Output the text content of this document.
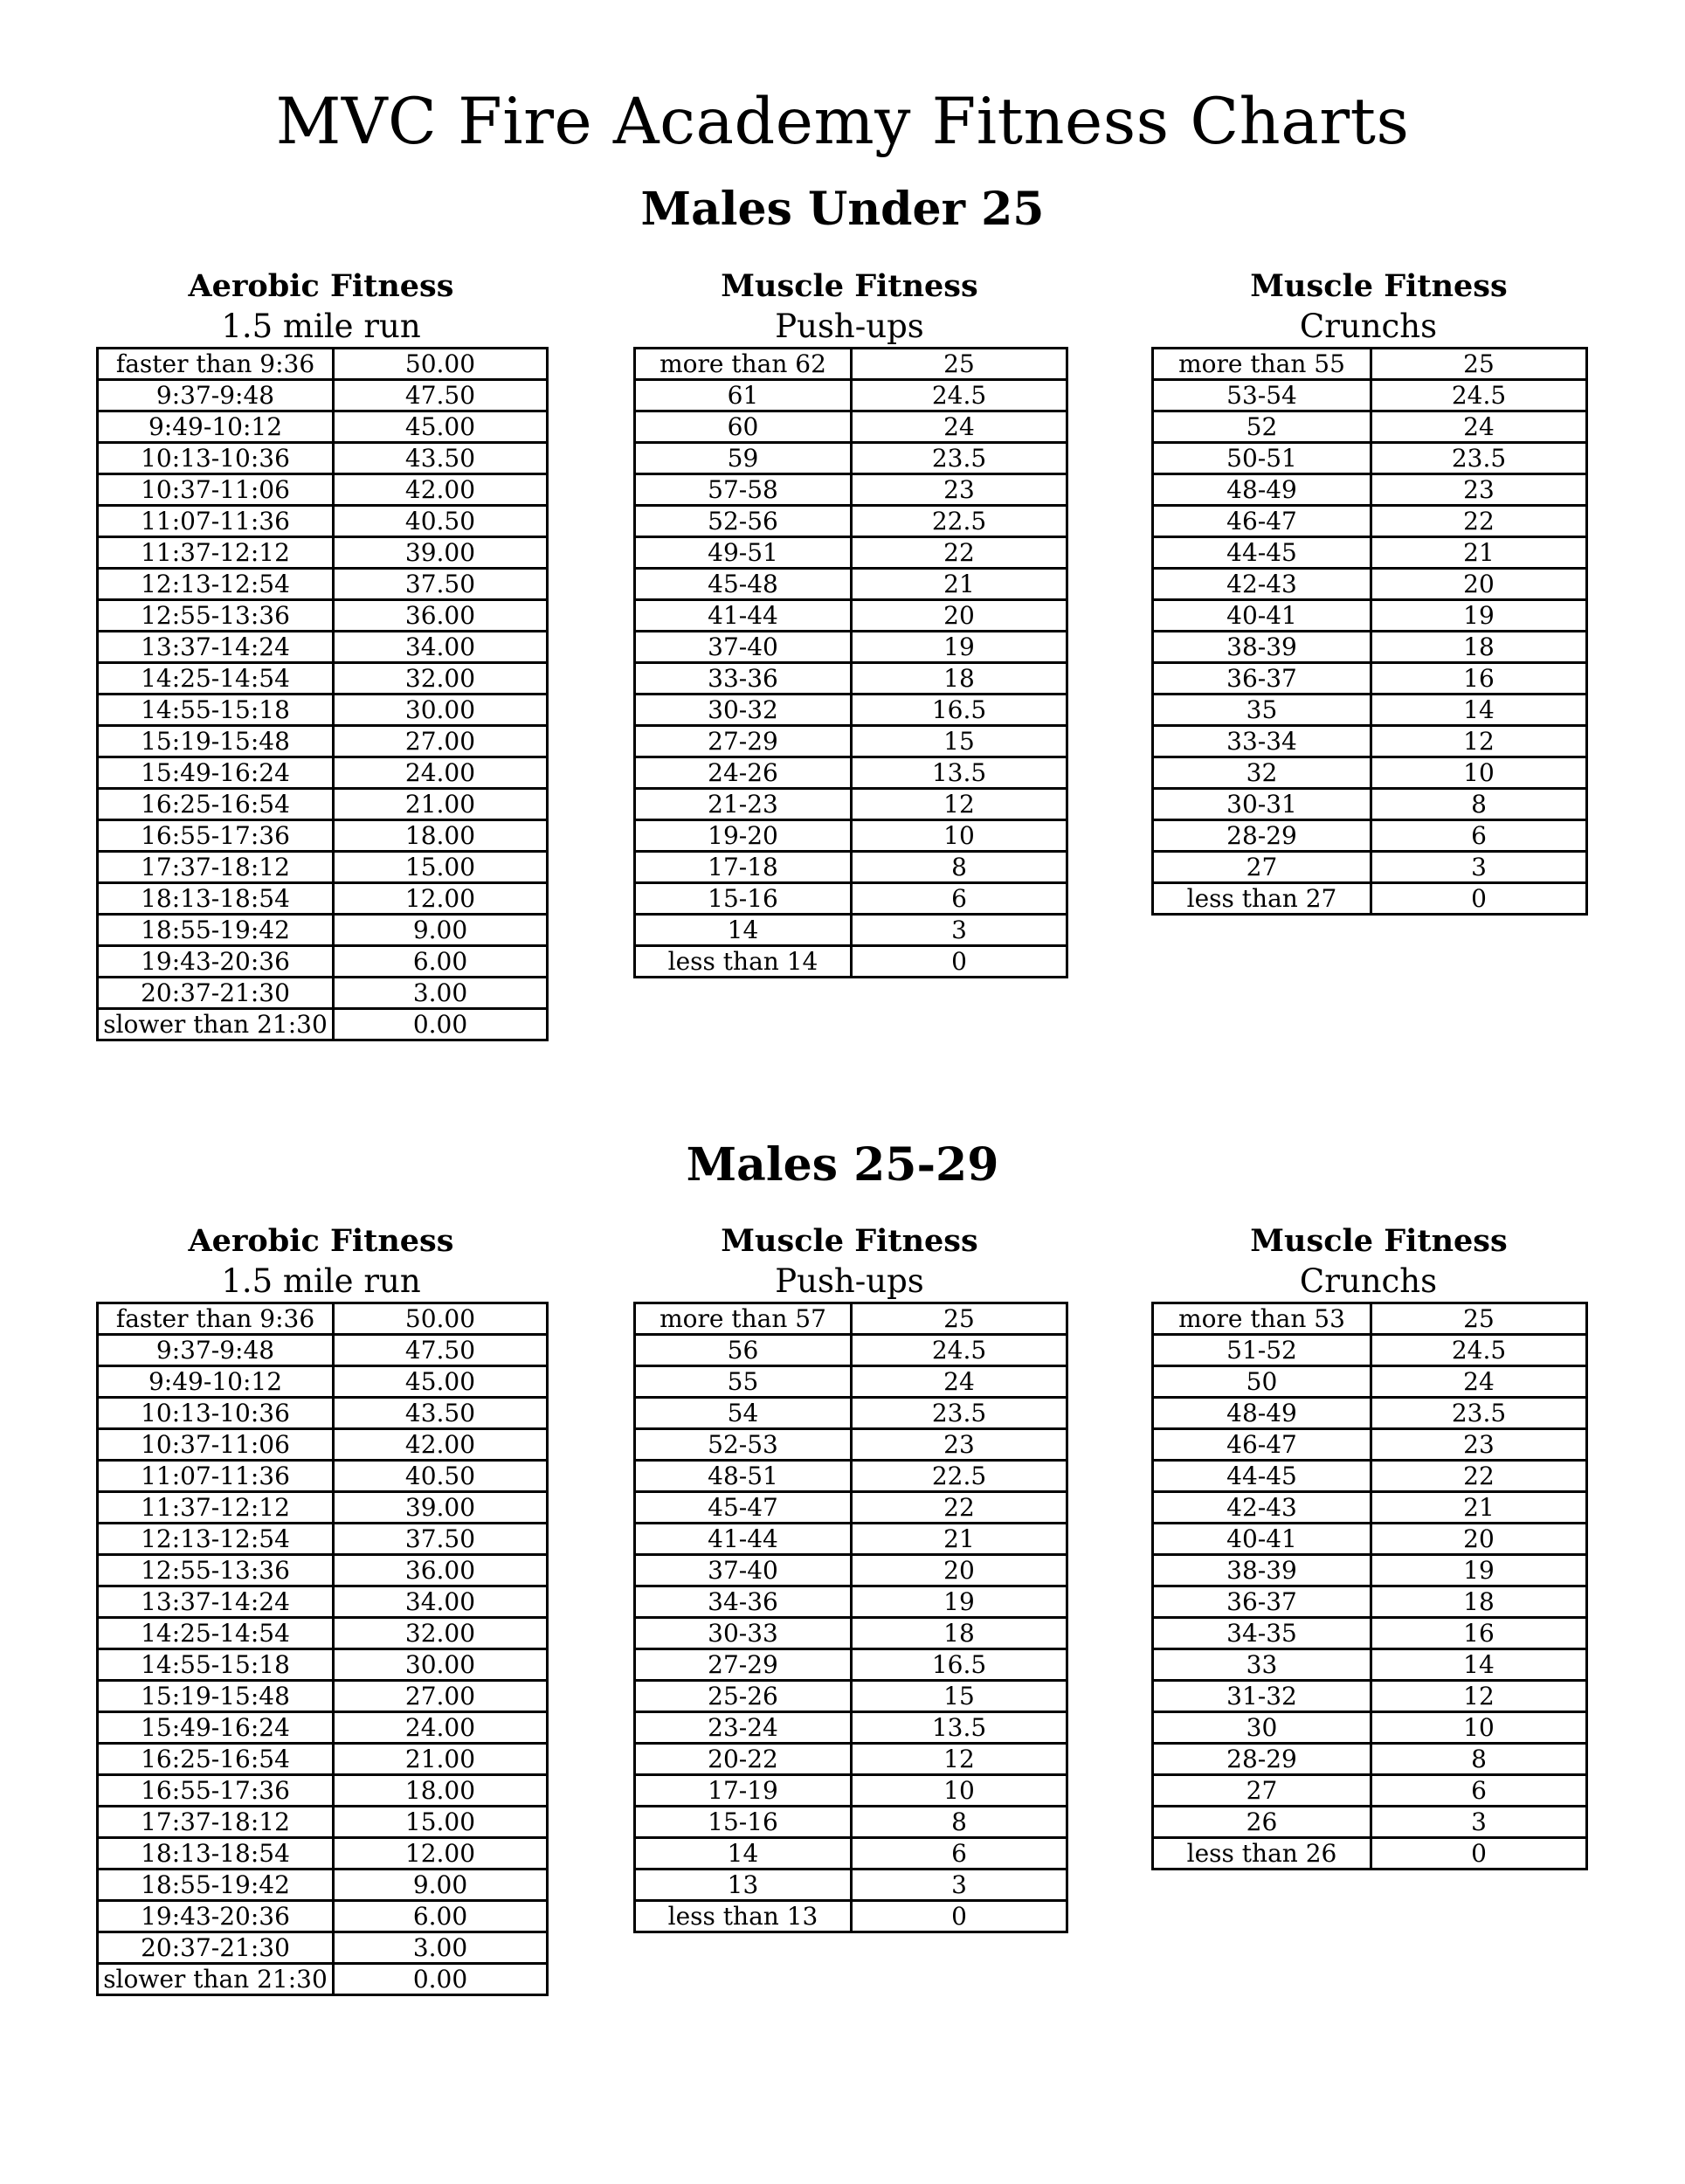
MVC Fire Academy Fitness Charts
Males Under 25
Aerobic Fitness
1.5 mile run
faster than 9:36	50.00
9:37-9:48	47.50
9:49-10:12	45.00
10:13-10:36	43.50
10:37-11:06	42.00
11:07-11:36	40.50
11:37-12:12	39.00
12:13-12:54	37.50
12:55-13:36	36.00
13:37-14:24	34.00
14:25-14:54	32.00
14:55-15:18	30.00
15:19-15:48	27.00
15:49-16:24	24.00
16:25-16:54	21.00
16:55-17:36	18.00
17:37-18:12	15.00
18:13-18:54	12.00
18:55-19:42	9.00
19:43-20:36	6.00
20:37-21:30	3.00
slower than 21:30	0.00
Muscle Fitness
Push-ups
more than 62	25
61	24.5
60	24
59	23.5
57-58	23
52-56	22.5
49-51	22
45-48	21
41-44	20
37-40	19
33-36	18
30-32	16.5
27-29	15
24-26	13.5
21-23	12
19-20	10
17-18	8
15-16	6
14	3
less than 14	0
Muscle Fitness
Crunchs
more than 55	25
53-54	24.5
52	24
50-51	23.5
48-49	23
46-47	22
44-45	21
42-43	20
40-41	19
38-39	18
36-37	16
35	14
33-34	12
32	10
30-31	8
28-29	6
27	3
less than 27	0
Males 25-29
Aerobic Fitness
1.5 mile run
faster than 9:36	50.00
9:37-9:48	47.50
9:49-10:12	45.00
10:13-10:36	43.50
10:37-11:06	42.00
11:07-11:36	40.50
11:37-12:12	39.00
12:13-12:54	37.50
12:55-13:36	36.00
13:37-14:24	34.00
14:25-14:54	32.00
14:55-15:18	30.00
15:19-15:48	27.00
15:49-16:24	24.00
16:25-16:54	21.00
16:55-17:36	18.00
17:37-18:12	15.00
18:13-18:54	12.00
18:55-19:42	9.00
19:43-20:36	6.00
20:37-21:30	3.00
slower than 21:30	0.00
Muscle Fitness
Push-ups
more than 57	25
56	24.5
55	24
54	23.5
52-53	23
48-51	22.5
45-47	22
41-44	21
37-40	20
34-36	19
30-33	18
27-29	16.5
25-26	15
23-24	13.5
20-22	12
17-19	10
15-16	8
14	6
13	3
less than 13	0
Muscle Fitness
Crunchs
more than 53	25
51-52	24.5
50	24
48-49	23.5
46-47	23
44-45	22
42-43	21
40-41	20
38-39	19
36-37	18
34-35	16
33	14
31-32	12
30	10
28-29	8
27	6
26	3
less than 26	0
